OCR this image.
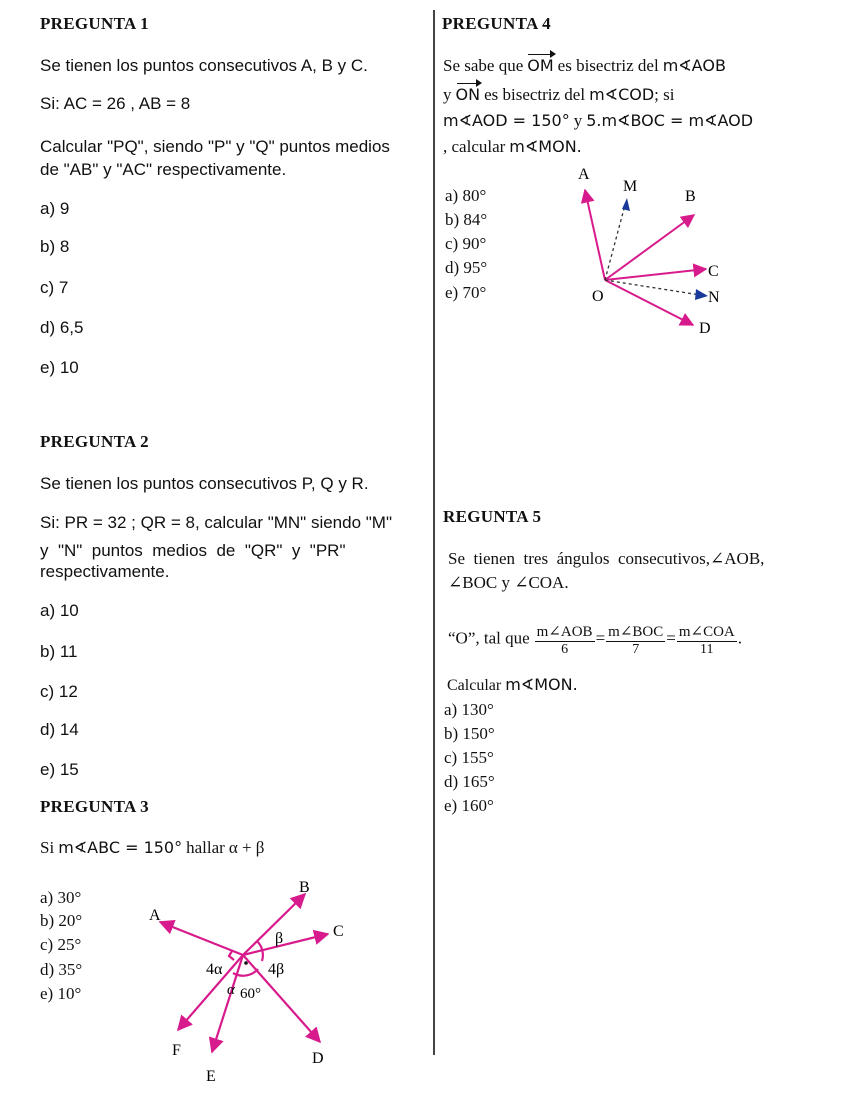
PREGUNTA 1
Se tienen los puntos consecutivos A, B y C.
Si: AC = 26 , AB = 8
Calcular "PQ", siendo "P" y "Q" puntos medios
de "AB" y "AC" respectivamente.
a) 9
b) 8
c) 7
d) 6,5
e) 10
PREGUNTA 2
Se tienen los puntos consecutivos P, Q y R.
Si: PR = 32 ; QR = 8, calcular "MN" siendo "M"
y  "N"  puntos  medios  de  "QR"  y  "PR"
respectivamente.
a) 10
b) 11
c) 12
d) 14
e) 15
PREGUNTA 3
Si m∢ABC = 150° hallar α + β
a) 30°
b) 20°
c) 25°
d) 35°
e) 10°
B
A
C
D
E
F
β
4α	4β
α 60°
PREGUNTA 4
Se sabe que OM es bisectriz del m∢AOB
y ON es bisectriz del m∢COD; si
m∢AOD = 150° y 5.m∢BOC = m∢AOD
, calcular m∢MON.
a) 80°
b) 84°
c) 90°
d) 95°
e) 70°
A
M
B
C
O	N
D
REGUNTA 5
Se  tienen  tres  ángulos  consecutivos,∠AOB,
∠BOC y ∠COA.
“O”, tal que $\frac{\text{m∠AOB}}{6} = \frac{\text{m∠BOC}}{7} = \frac{\text{m∠COA}}{11}$ .
Calcular m∢MON.
a) 130°
b) 150°
c) 155°
d) 165°
e) 160°
